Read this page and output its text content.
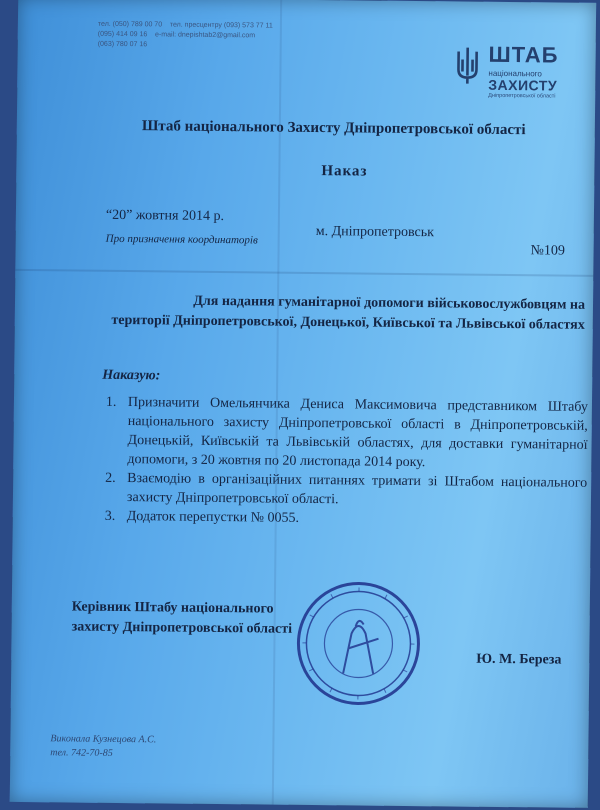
тел. (050) 789 00 70 тел. пресцентру (093) 573 77 11
(095) 414 09 16 e-mail: dnepishtab2@gmail.com
(063) 780 07 16	ШТАБ
національного
ЗАХИСТУ
Дніпропетровської області
Штаб національного Захисту Дніпропетровської області
Наказ
“20” жовтня 2014 р.
м. Дніпропетровськ
№109
Про призначення координаторів
Для надання гуманітарної допомоги військовослужбовцям на
території Дніпропетровської, Донецької, Київської та Львівської областях
Наказую:
1. Призначити Омельянчика Дениса Максимовича представником Штабу національного захисту Дніпропетровської області в Дніпропетровській, Донецькій, Київській та Львівській областях, для доставки гуманітарної допомоги, з 20 жовтня по 20 листопада 2014 року.
2. Взаємодію в організаційних питаннях тримати зі Штабом національного захисту Дніпропетровської області.
3. Додаток перепустки № 0055.
Керівник Штабу національного
захисту Дніпропетровської області
Ю. М. Береза
Виконала Кузнецова А.С.
тел. 742-70-85
